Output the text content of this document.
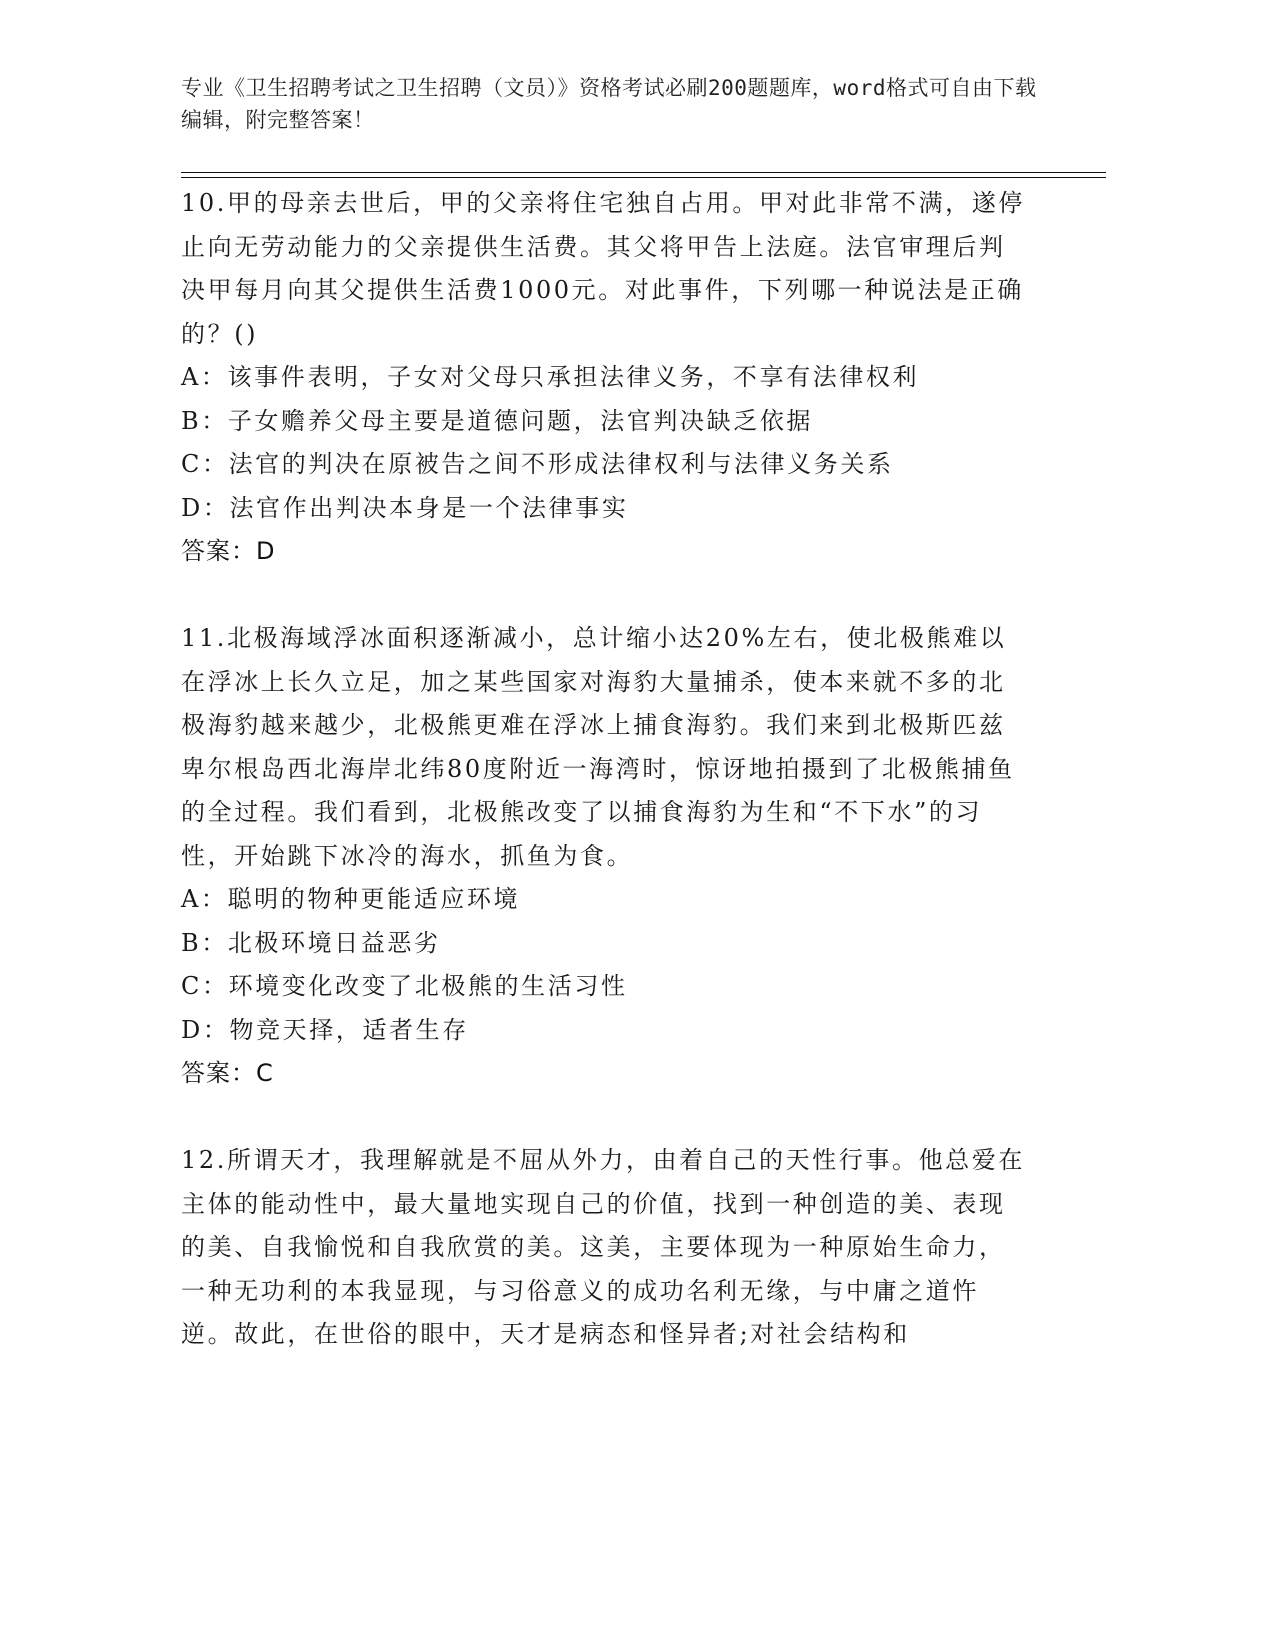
专业《卫生招聘考试之卫生招聘（文员）》资格考试必刷200题题库，word格式可自由下载编辑，附完整答案！

10.甲的母亲去世后，甲的父亲将住宅独自占用。甲对此非常不满，遂停止向无劳动能力的父亲提供生活费。其父将甲告上法庭。法官审理后判决甲每月向其父提供生活费1000元。对此事件，下列哪一种说法是正确的？()

A：该事件表明，子女对父母只承担法律义务，不享有法律权利

B：子女赡养父母主要是道德问题，法官判决缺乏依据

C：法官的判决在原被告之间不形成法律权利与法律义务关系

D：法官作出判决本身是一个法律事实

答案：D

11.北极海域浮冰面积逐渐减小，总计缩小达20%左右，使北极熊难以在浮冰上长久立足，加之某些国家对海豹大量捕杀，使本来就不多的北极海豹越来越少，北极熊更难在浮冰上捕食海豹。我们来到北极斯匹兹卑尔根岛西北海岸北纬80度附近一海湾时，惊讶地拍摄到了北极熊捕鱼的全过程。我们看到，北极熊改变了以捕食海豹为生和“不下水”的习性，开始跳下冰冷的海水，抓鱼为食。

A：聪明的物种更能适应环境

B：北极环境日益恶劣

C：环境变化改变了北极熊的生活习性

D：物竞天择，适者生存

答案：C

12.所谓天才，我理解就是不屈从外力，由着自己的天性行事。他总爱在主体的能动性中，最大量地实现自己的价值，找到一种创造的美、表现的美、自我愉悦和自我欣赏的美。这美，主要体现为一种原始生命力，一种无功利的本我显现，与习俗意义的成功名利无缘，与中庸之道忤逆。故此，在世俗的眼中，天才是病态和怪异者;对社会结构和
